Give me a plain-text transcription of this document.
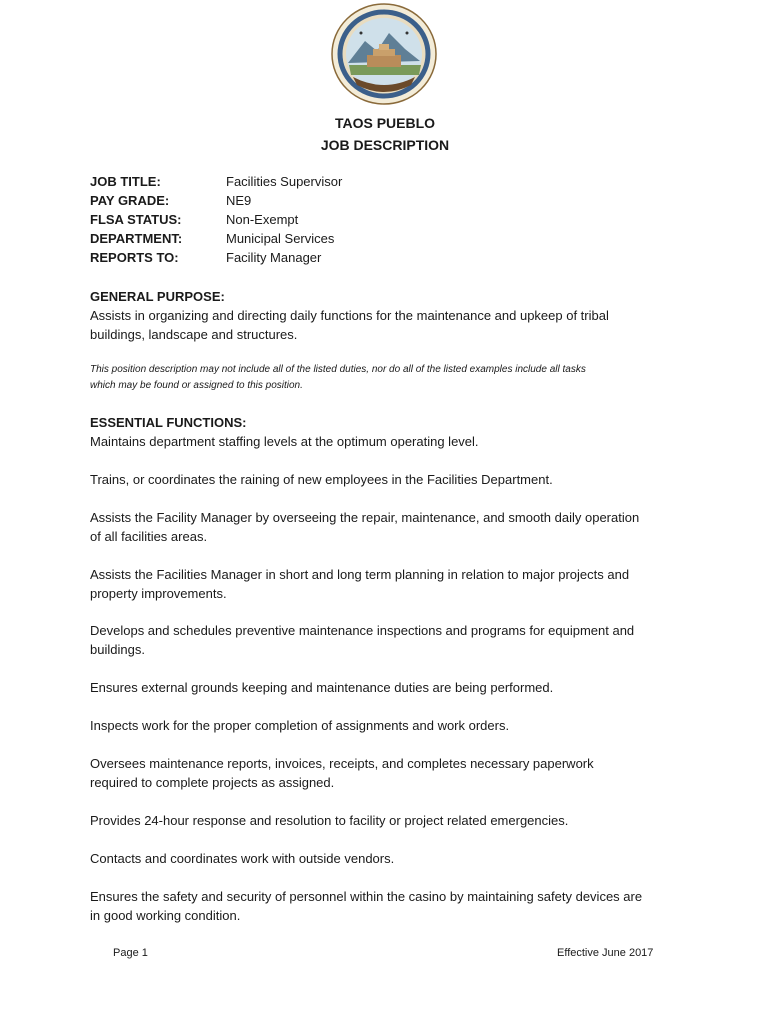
TAOS PUEBLO
JOB DESCRIPTION
JOB TITLE:	Facilities Supervisor
PAY GRADE:	NE9
FLSA STATUS:	Non-Exempt
DEPARTMENT:	Municipal Services
REPORTS TO:	Facility Manager
GENERAL PURPOSE:
Assists in organizing and directing daily functions for the maintenance and upkeep of tribal
buildings, landscape and structures.
This position description may not include all of the listed duties, nor do all of the listed examples include all tasks
which may be found or assigned to this position.
ESSENTIAL FUNCTIONS:
Maintains department staffing levels at the optimum operating level.
Trains, or coordinates the raining of new employees in the Facilities Department.
Assists the Facility Manager by overseeing the repair, maintenance, and smooth daily operation
of all facilities areas.
Assists the Facilities Manager in short and long term planning in relation to major projects and
property improvements.
Develops and schedules preventive maintenance inspections and programs for equipment and
buildings.
Ensures external grounds keeping and maintenance duties are being performed.
Inspects work for the proper completion of assignments and work orders.
Oversees maintenance reports, invoices, receipts, and completes necessary paperwork
required to complete projects as assigned.
Provides 24-hour response and resolution to facility or project related emergencies.
Contacts and coordinates work with outside vendors.
Ensures the safety and security of personnel within the casino by maintaining safety devices are
in good working condition.
Page 1	Effective June 2017
